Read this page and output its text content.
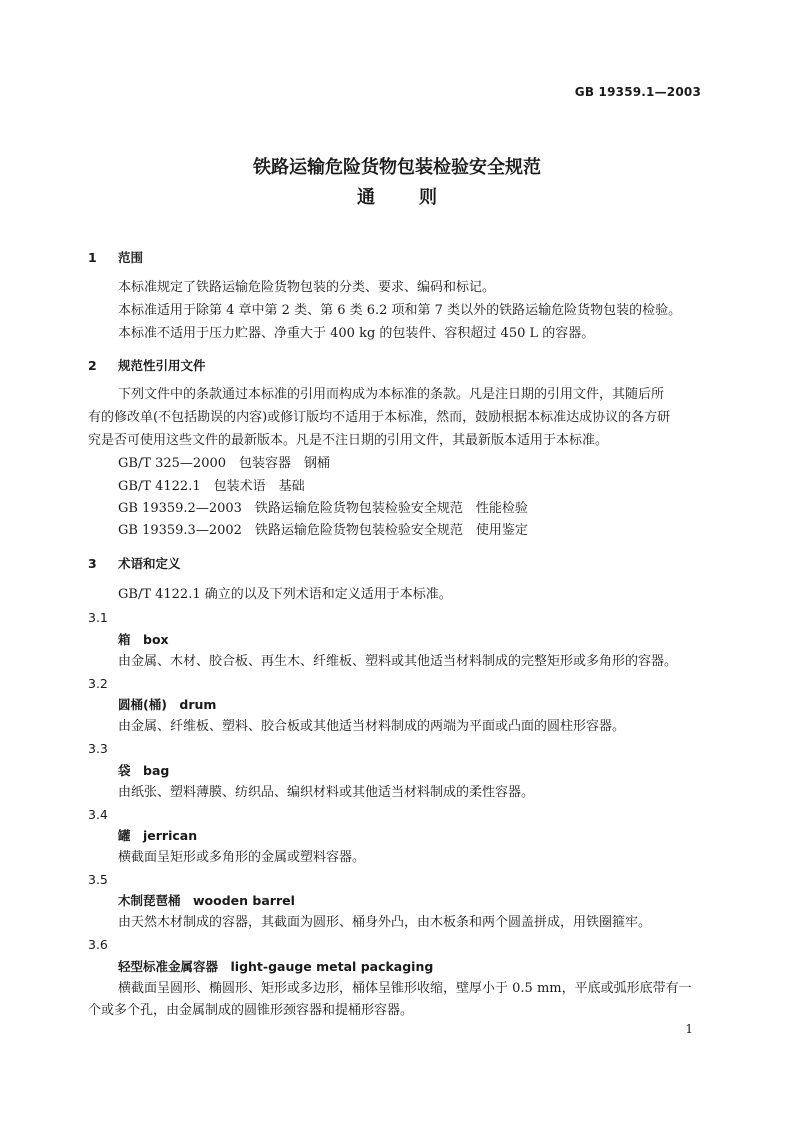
GB 19359.1—2003
铁路运输危险货物包装检验安全规范
通则
1 范围
本标准规定了铁路运输危险货物包装的分类、要求、编码和标记。
本标准适用于除第 4 章中第 2 类、第 6 类 6.2 项和第 7 类以外的铁路运输危险货物包装的检验。
本标准不适用于压力贮器、净重大于 400 kg 的包装件、容积超过 450 L 的容器。
2 规范性引用文件
下列文件中的条款通过本标准的引用而构成为本标准的条款。凡是注日期的引用文件，其随后所
有的修改单(不包括勘误的内容)或修订版均不适用于本标准，然而，鼓励根据本标准达成协议的各方研
究是否可使用这些文件的最新版本。凡是不注日期的引用文件，其最新版本适用于本标准。
GB/T 325—2000　包装容器　钢桶
GB/T 4122.1　包装术语　基础
GB 19359.2—2003　铁路运输危险货物包装检验安全规范　性能检验
GB 19359.3—2002　铁路运输危险货物包装检验安全规范　使用鉴定
3 术语和定义
GB/T 4122.1 确立的以及下列术语和定义适用于本标准。
3.1
箱　box
由金属、木材、胶合板、再生木、纤维板、塑料或其他适当材料制成的完整矩形或多角形的容器。
3.2
圆桶(桶)　drum
由金属、纤维板、塑料、胶合板或其他适当材料制成的两端为平面或凸面的圆柱形容器。
3.3
袋　bag
由纸张、塑料薄膜、纺织品、编织材料或其他适当材料制成的柔性容器。
3.4
罐　jerrican
横截面呈矩形或多角形的金属或塑料容器。
3.5
木制琵琶桶　wooden barrel
由天然木材制成的容器，其截面为圆形、桶身外凸，由木板条和两个圆盖拼成，用铁圈箍牢。
3.6
轻型标准金属容器　light-gauge metal packaging
横截面呈圆形、椭圆形、矩形或多边形，桶体呈锥形收缩，壁厚小于 0.5 mm，平底或弧形底带有一
个或多个孔，由金属制成的圆锥形颈容器和提桶形容器。
1
